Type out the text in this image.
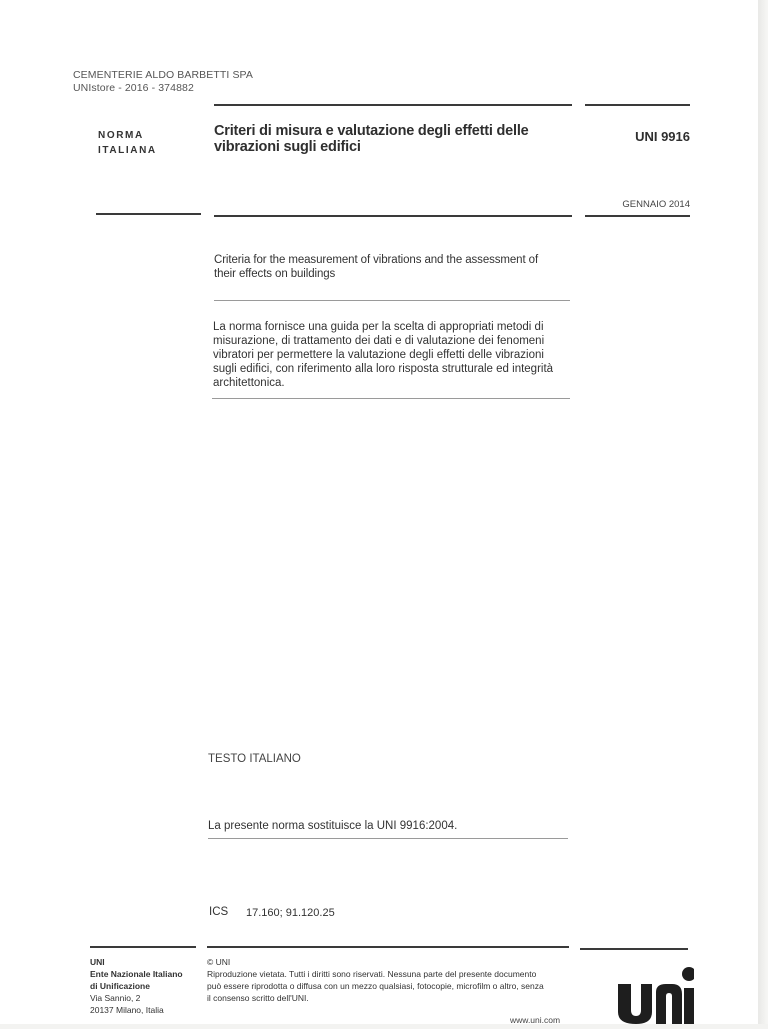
CEMENTERIE ALDO BARBETTI SPA
UNIstore - 2016 - 374882
NORMA
ITALIANA
Criteri di misura e valutazione degli effetti delle
vibrazioni sugli edifici
UNI 9916
GENNAIO 2014
Criteria for the measurement of vibrations and the assessment of
their effects on buildings
La norma fornisce una guida per la scelta di appropriati metodi di
misurazione, di trattamento dei dati e di valutazione dei fenomeni
vibratori per permettere la valutazione degli effetti delle vibrazioni
sugli edifici, con riferimento alla loro risposta strutturale ed integrità
architettonica.
TESTO ITALIANO
La presente norma sostituisce la UNI 9916:2004.
ICS 17.160; 91.120.25
UNI
Ente Nazionale Italiano
di Unificazione
Via Sannio, 2
20137 Milano, Italia
© UNI
Riproduzione vietata. Tutti i diritti sono riservati. Nessuna parte del presente documento
può essere riprodotta o diffusa con un mezzo qualsiasi, fotocopie, microfilm o altro, senza
il consenso scritto dell'UNI.
www.uni.com
